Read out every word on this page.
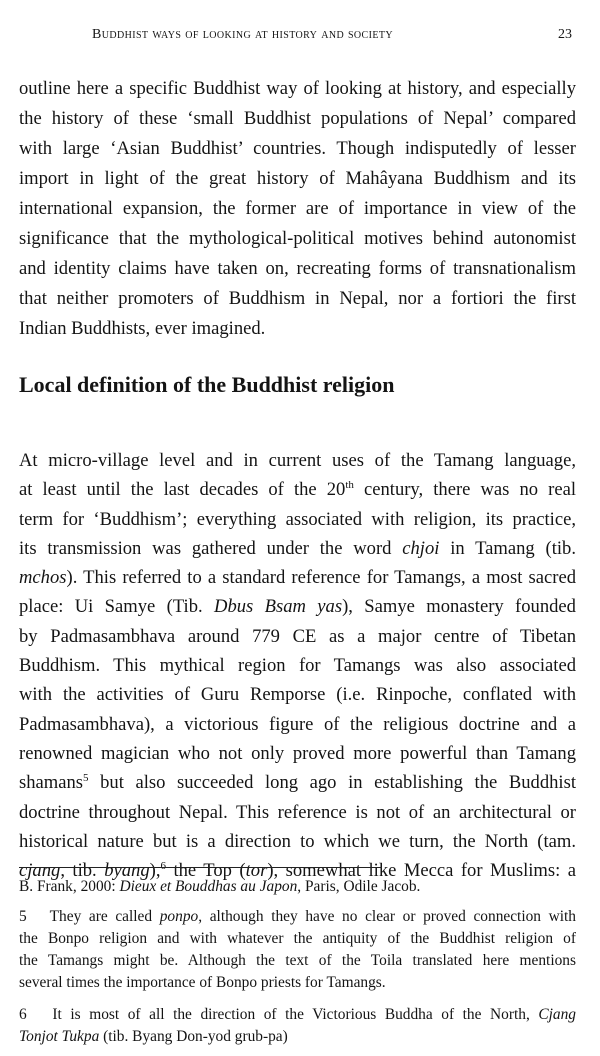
Buddhist ways of looking at history and society	23
outline here a specific Buddhist way of looking at history, and especially
the history of these ‘small Buddhist populations of Nepal’ compared
with large ‘Asian Buddhist’ countries. Though indisputedly of lesser
import in light of the great history of Mahâyana Buddhism and its
international expansion, the former are of importance in view of the
significance that the mythological-political motives behind autonomist
and identity claims have taken on, recreating forms of transnationalism
that neither promoters of Buddhism in Nepal, nor a fortiori the first
Indian Buddhists, ever imagined.
Local definition of the Buddhist religion
At micro-village level and in current uses of the Tamang language,
at least until the last decades of the 20th century, there was no real
term for ‘Buddhism’; everything associated with religion, its practice,
its transmission was gathered under the word chjoi in Tamang (tib.
mchos). This referred to a standard reference for Tamangs, a most sacred
place: Ui Samye (Tib. Dbus Bsam yas), Samye monastery founded
by Padmasambhava around 779 CE as a major centre of Tibetan
Buddhism. This mythical region for Tamangs was also associated
with the activities of Guru Remporse (i.e. Rinpoche, conflated with
Padmasambhava), a victorious figure of the religious doctrine and a
renowned magician who not only proved more powerful than Tamang
shamans$^5$ but also succeeded long ago in establishing the Buddhist
doctrine throughout Nepal. This reference is not of an architectural or
historical nature but is a direction to which we turn, the North (tam.
cjang, tib. byang),$^6$ the Top (tor), somewhat like Mecca for Muslims: a
B. Frank, 2000: Dieux et Bouddhas au Japon, Paris, Odile Jacob.
5 They are called ponpo, although they have no clear or proved connection with
the Bonpo religion and with whatever the antiquity of the Buddhist religion of
the Tamangs might be. Although the text of the Toila translated here mentions
several times the importance of Bonpo priests for Tamangs.
6 It is most of all the direction of the Victorious Buddha of the North, Cjang
Tonjot Tukpa (tib. Byang Don-yod grub-pa)
